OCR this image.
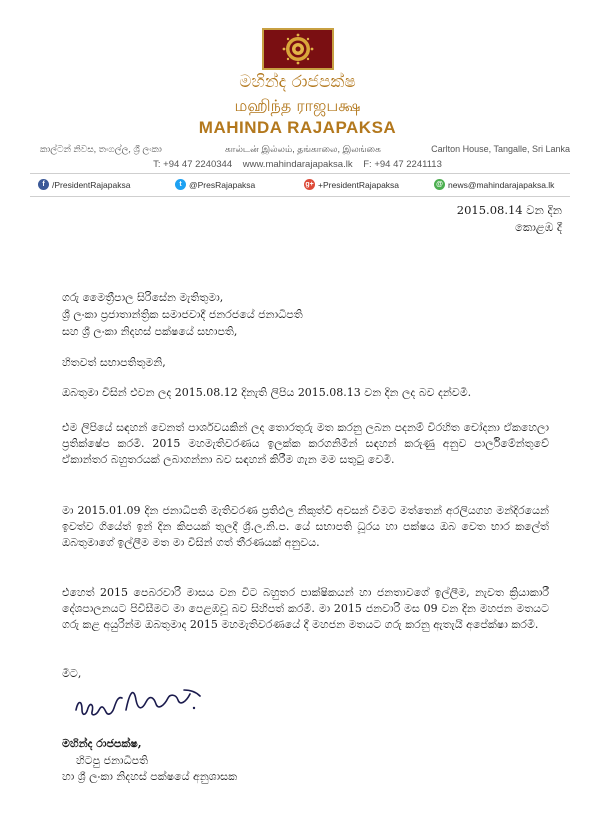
මහින්ද රාජපක්ෂ
மஹிந்த ராஜபக்ஷ
MAHINDA RAJAPAKSA
කාල්ටන් නිවස, තංගල්ල, ශ්‍රී ලංකා	கால்டன் இல்லம், தங்காலை, இலங்கை	Carlton House, Tangalle, Sri Lanka
T: +94 47 2240344 www.mahindarajapaksa.lk F: +94 47 2241113
f /PresidentRajapaksa	t @PresRajapaksa	g+ +PresidentRajapaksa	@ news@mahindarajapaksa.lk
2015.08.14 වන දින
කොළඹ දී
ගරු මෛත්‍රීපාල සිරිසේන මැතිතුමා,
ශ්‍රී ලංකා ප්‍රජාතාන්ත්‍රික සමාජවාදී ජනරජයේ ජනාධිපති
සහ ශ්‍රී ලංකා නිදහස් පක්ෂයේ සභාපති,
හිතවත් සභාපතිතුමනි,
ඔබතුමා විසින් එවන ලද 2015.08.12 දිනැති ලිපිය 2015.08.13 වන දින ලද බව දන්වමි.
එම ලිපියේ සඳහන් වෙනත් පාර්ශවයකින් ලද තොරතුරු මත කරනු ලබන පදනම් විරහිත චෝදනා ඒකහෙලා ප්‍රතික්ෂේප කරමි. 2015 මහමැතිවරණය ඉලක්ක කරගනිමින් සඳහන් කරුණු අනුව පාර්ලිමේන්තුවේ ඒකාන්තර බහුතරයක් ලබාගන්නා බව සඳහන් කිරීම ගැන මම සතුටු වෙමි.
මා 2015.01.09 දින ජනාධිපති මැතිවරණ ප්‍රතිඵල නිකුත්වී අවසන් වීමට මත්තෙන් අරලියගහ මන්දිරයෙන් ඉවත්ව ගියේත් ඉන් දින කිපයක් තුලදී ශ්‍රී.ල.නි.ප. යේ සභාපති ධූරය හා පක්ෂය ඔබ වෙත භාර කලේත් ඔබතුමාගේ ඉල්ලීම මත මා විසින් ගත් තීරණයක් අනුවය.
එහෙත් 2015 පෙබරවාරි මාසය වන විට බහුතර පාක්ෂිකයන් හා ජනතාවගේ ඉල්ලීම, නැවත ක්‍රියාකාරී දේශපාලනයට පිවිසීමට මා පෙළඹවූ බව සිහිපත් කරමි. මා 2015 ජනවාරි මස 09 වන දින මහජන මතයට ගරු කළ අයුරින්ම ඔබතුමාද 2015 මහමැතිවරණයේ දී මහජන මතයට ගරු කරනු ඇතැයි අපේක්ෂා කරමි.
මීට,
මහින්ද රාජපක්ෂ,
හිටපු ජනාධිපති
හා ශ්‍රී ලංකා නිදහස් පක්ෂයේ අනුශාසක
